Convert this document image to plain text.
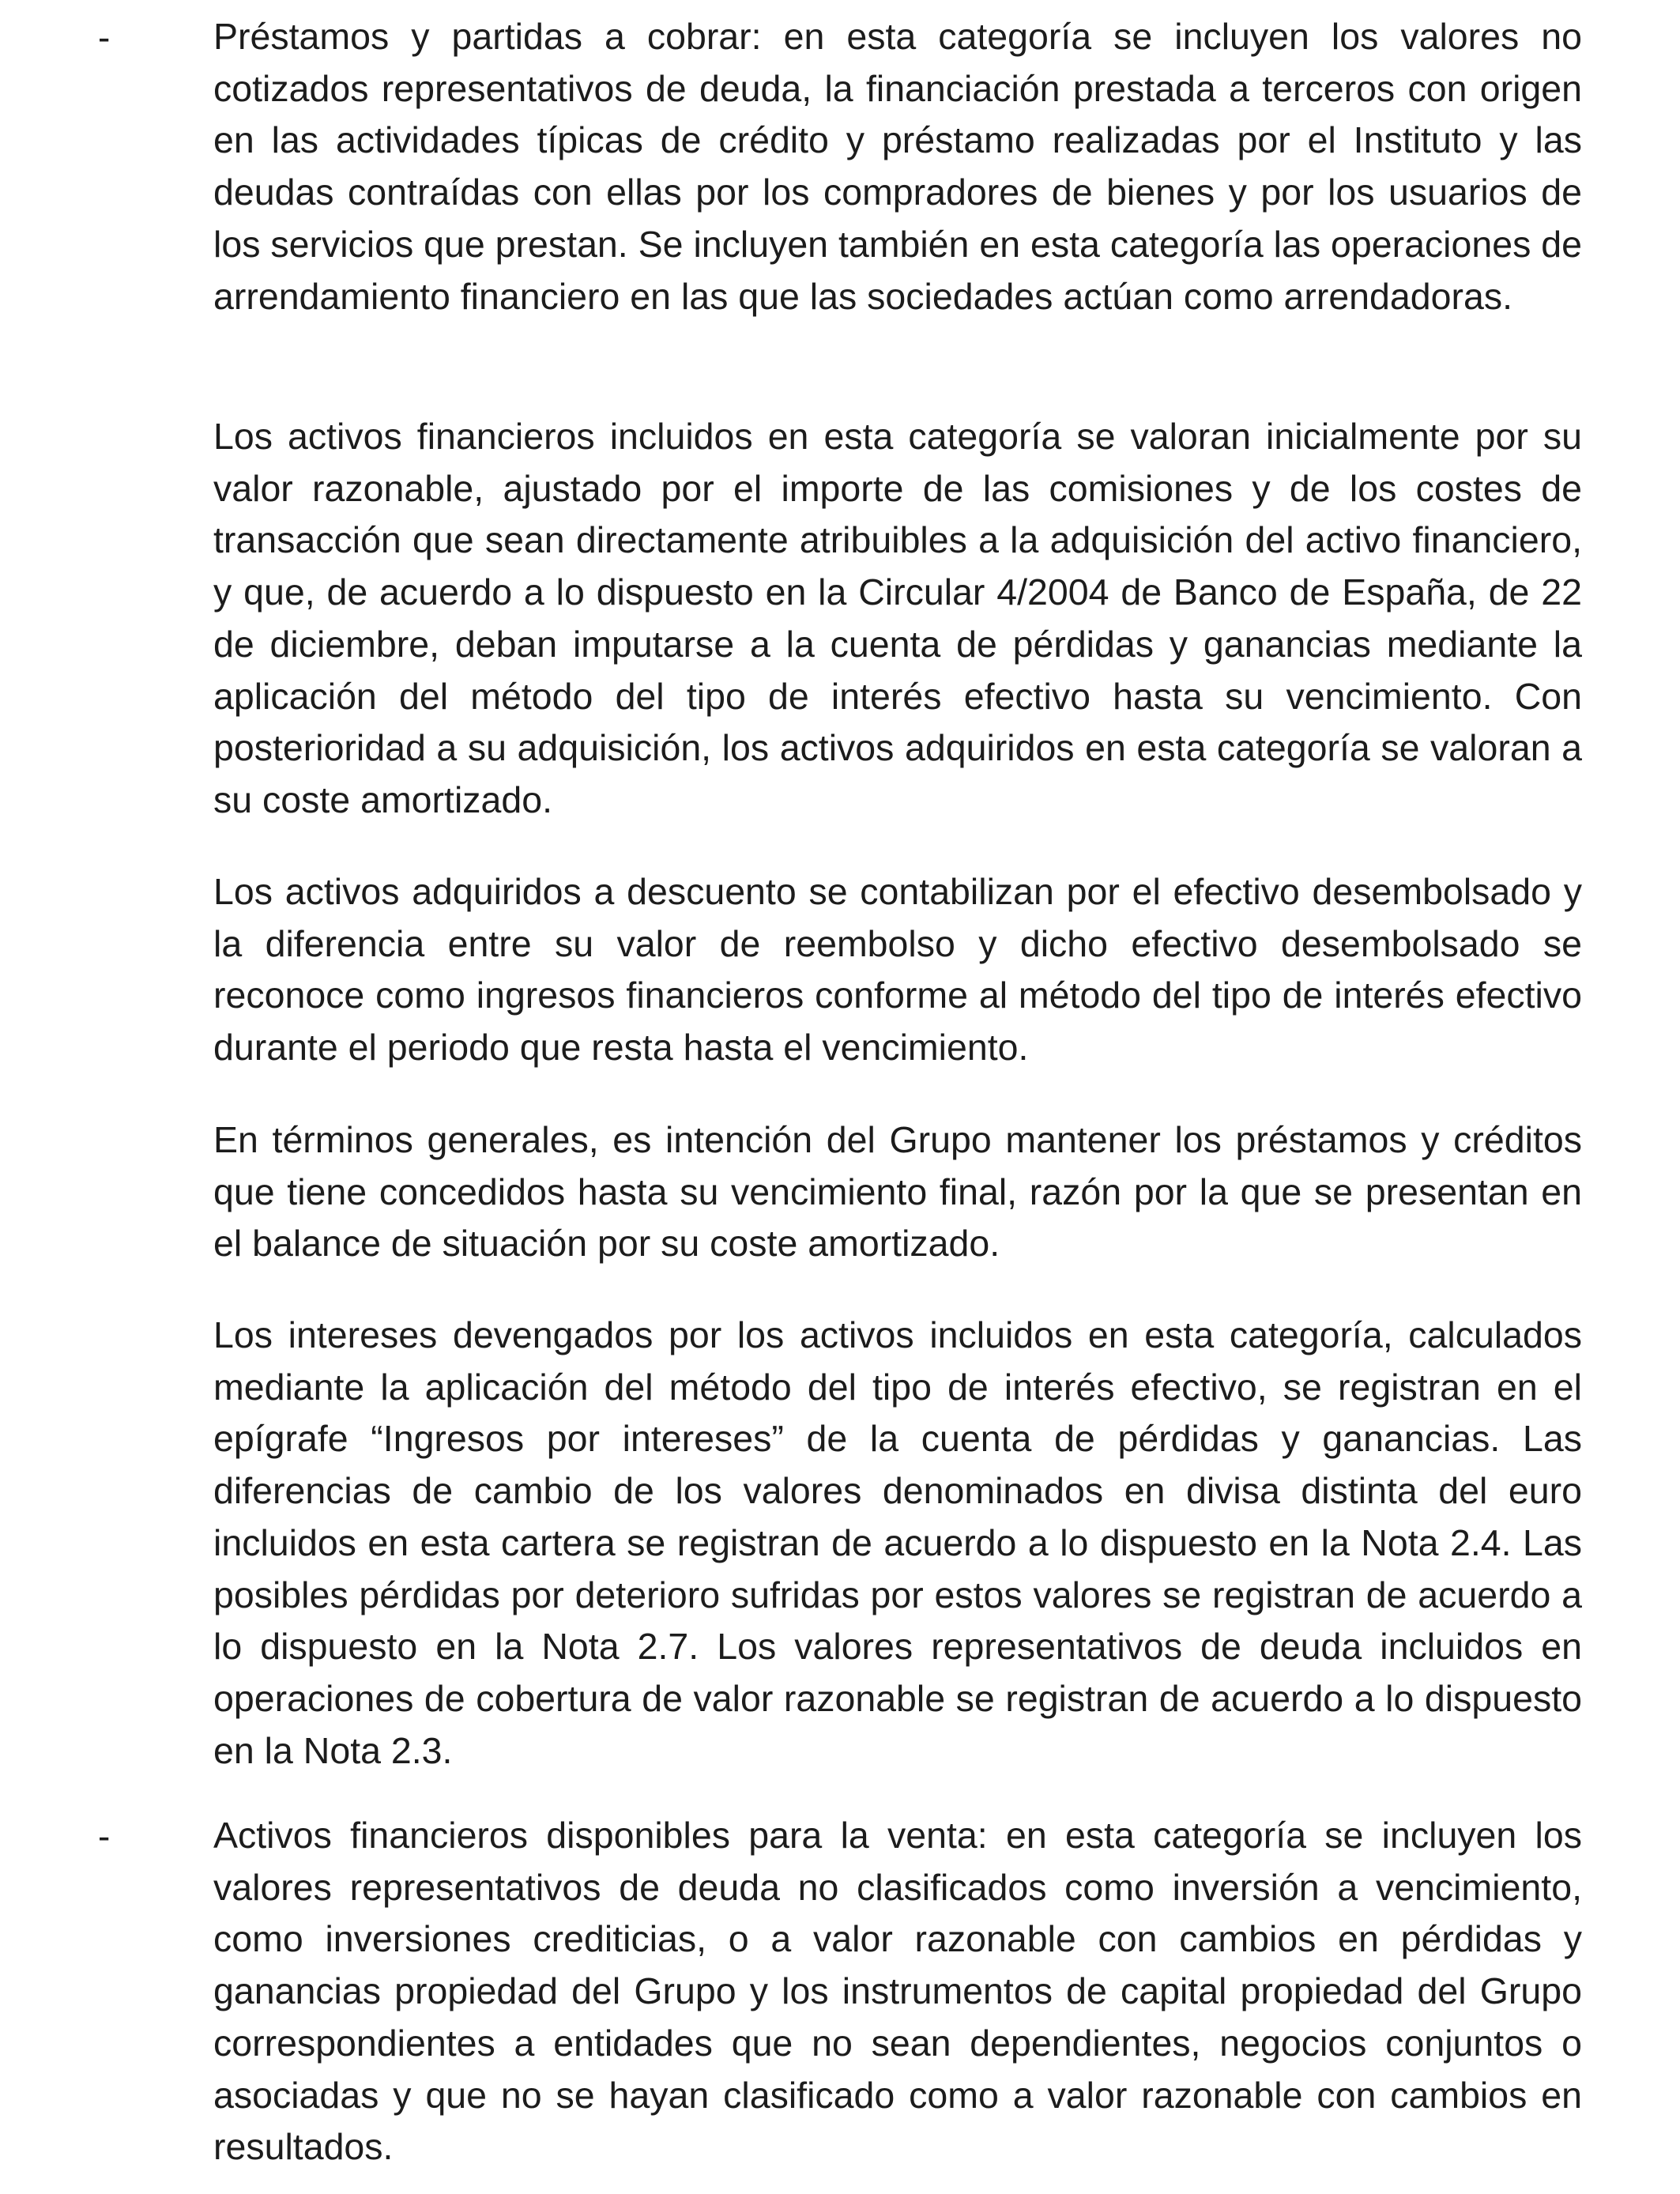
-	Préstamos y partidas a cobrar: en esta categoría se incluyen los valores no cotizados representativos de deuda, la financiación prestada a terceros con origen en las actividades típicas de crédito y préstamo realizadas por el Instituto y las deudas contraídas con ellas por los compradores de bienes y por los usuarios de los servicios que prestan. Se incluyen también en esta categoría las operaciones de arrendamiento financiero en las que las sociedades actúan como arrendadoras.

Los activos financieros incluidos en esta categoría se valoran inicialmente por su valor razonable, ajustado por el importe de las comisiones y de los costes de transacción que sean directamente atribuibles a la adquisición del activo financiero, y que, de acuerdo a lo dispuesto en la Circular 4/2004 de Banco de España, de 22 de diciembre, deban imputarse a la cuenta de pérdidas y ganancias mediante la aplicación del método del tipo de interés efectivo hasta su vencimiento. Con posterioridad a su adquisición, los activos adquiridos en esta categoría se valoran a su coste amortizado.

Los activos adquiridos a descuento se contabilizan por el efectivo desembolsado y la diferencia entre su valor de reembolso y dicho efectivo desembolsado se reconoce como ingresos financieros conforme al método del tipo de interés efectivo durante el periodo que resta hasta el vencimiento.

En términos generales, es intención del Grupo mantener los préstamos y créditos que tiene concedidos hasta su vencimiento final, razón por la que se presentan en el balance de situación por su coste amortizado.

Los intereses devengados por los activos incluidos en esta categoría, calculados mediante la aplicación del método del tipo de interés efectivo, se registran en el epígrafe “Ingresos por intereses” de la cuenta de pérdidas y ganancias. Las diferencias de cambio de los valores denominados en divisa distinta del euro incluidos en esta cartera se registran de acuerdo a lo dispuesto en la Nota 2.4. Las posibles pérdidas por deterioro sufridas por estos valores se registran de acuerdo a lo dispuesto en la Nota 2.7. Los valores representativos de deuda incluidos en operaciones de cobertura de valor razonable se registran de acuerdo a lo dispuesto en la Nota 2.3.

-	Activos financieros disponibles para la venta: en esta categoría se incluyen los valores representativos de deuda no clasificados como inversión a vencimiento, como inversiones crediticias, o a valor razonable con cambios en pérdidas y ganancias propiedad del Grupo y los instrumentos de capital propiedad del Grupo correspondientes a entidades que no sean dependientes, negocios conjuntos o asociadas y que no se hayan clasificado como a valor razonable con cambios en resultados.
